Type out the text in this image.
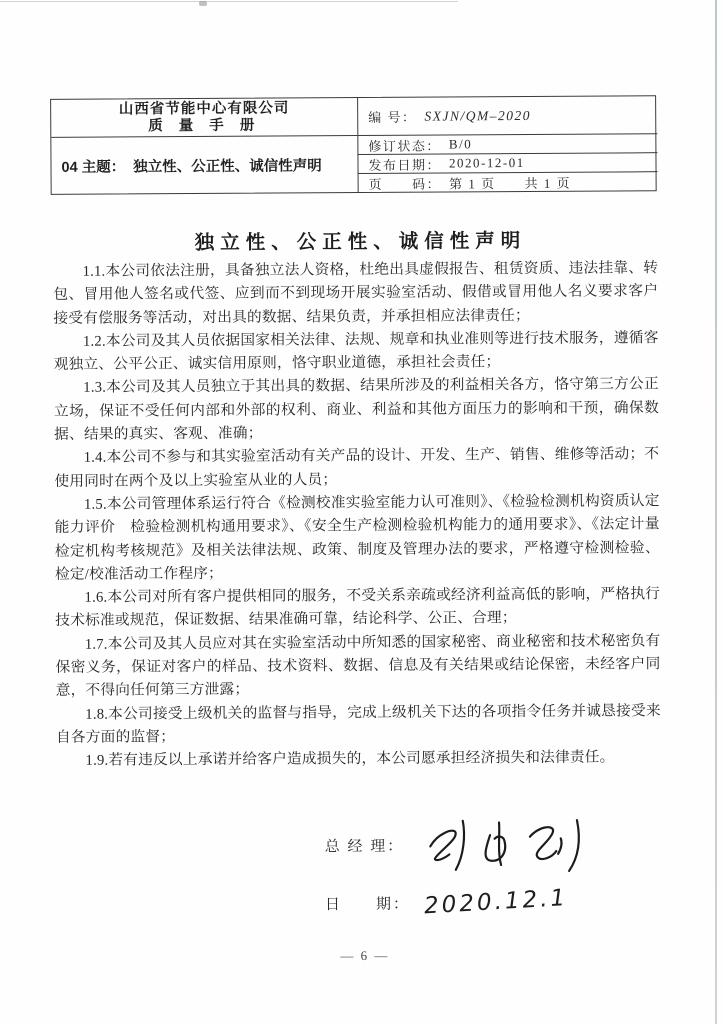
山西省节能中心有限公司
质 量 手 册
04 主题： 独立性、公正性、诚信性声明
编 号： SXJN/QM–2020
修订状态： B/0
发布日期： 2020-12-01
页　　码： 第 1 页　　共 1 页
独立性、公正性、诚信性声明

1.1.本公司依法注册，具备独立法人资格，杜绝出具虚假报告、租赁资质、违法挂靠、转包、冒用他人签名或代签、应到而不到现场开展实验室活动、假借或冒用他人名义要求客户接受有偿服务等活动，对出具的数据、结果负责，并承担相应法律责任；

1.2.本公司及其人员依据国家相关法律、法规、规章和执业准则等进行技术服务，遵循客观独立、公平公正、诚实信用原则，恪守职业道德，承担社会责任；

1.3.本公司及其人员独立于其出具的数据、结果所涉及的利益相关各方，恪守第三方公正立场，保证不受任何内部和外部的权利、商业、利益和其他方面压力的影响和干预，确保数据、结果的真实、客观、准确；

1.4.本公司不参与和其实验室活动有关产品的设计、开发、生产、销售、维修等活动；不使用同时在两个及以上实验室从业的人员；

1.5.本公司管理体系运行符合《检测校准实验室能力认可准则》、《检验检测机构资质认定能力评价　检验检测机构通用要求》、《安全生产检测检验机构能力的通用要求》、《法定计量检定机构考核规范》及相关法律法规、政策、制度及管理办法的要求，严格遵守检测检验、检定/校准活动工作程序；

1.6.本公司对所有客户提供相同的服务，不受关系亲疏或经济利益高低的影响，严格执行技术标准或规范，保证数据、结果准确可靠，结论科学、公正、合理；

1.7.本公司及其人员应对其在实验室活动中所知悉的国家秘密、商业秘密和技术秘密负有保密义务，保证对客户的样品、技术资料、数据、信息及有关结果或结论保密，未经客户同意，不得向任何第三方泄露；

1.8.本公司接受上级机关的监督与指导，完成上级机关下达的各项指令任务并诚恳接受来自各方面的监督；

1.9.若有违反以上承诺并给客户造成损失的，本公司愿承担经济损失和法律责任。

总 经 理：
日　　期： 2020.12.1
— 6 —
